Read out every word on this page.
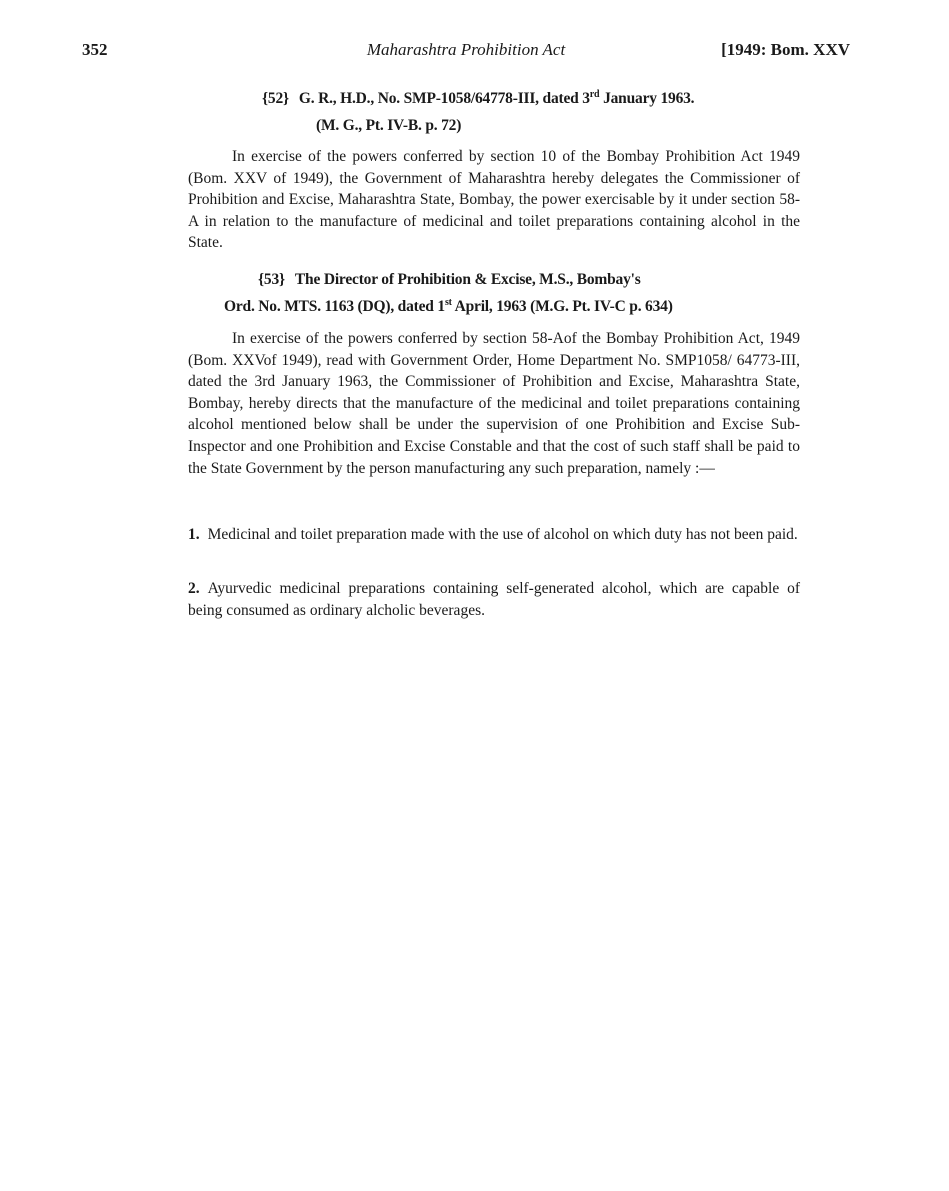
352	Maharashtra Prohibition Act	[1949: Bom. XXV

{52} G. R., H.D., No. SMP-1058/64778-III, dated 3rd January 1963.

(M. G., Pt. IV-B. p. 72)

In exercise of the powers conferred by section 10 of the Bombay Prohibition Act 1949 (Bom. XXV of 1949), the Government of Maharashtra hereby delegates the Commissioner of Prohibition and Excise, Maharashtra State, Bombay, the power exercisable by it under section 58-A in relation to the manufacture of medicinal and toilet preparations containing alcohol in the State.

{53} The Director of Prohibition & Excise, M.S., Bombay's

Ord. No. MTS. 1163 (DQ), dated 1st April, 1963 (M.G. Pt. IV-C p. 634)

In exercise of the powers conferred by section 58-Aof the Bombay Prohibition Act, 1949 (Bom. XXVof 1949), read with Government Order, Home Department No. SMP1058/ 64773-III, dated the 3rd January 1963, the Commissioner of Prohibition and Excise, Maharashtra State, Bombay, hereby directs that the manufacture of the medicinal and toilet preparations containing alcohol mentioned below shall be under the supervision of one Prohibition and Excise Sub-Inspector and one Prohibition and Excise Constable and that the cost of such staff shall be paid to the State Government by the person manufacturing any such preparation, namely :—

1. Medicinal and toilet preparation made with the use of alcohol on which duty has not been paid.

2. Ayurvedic medicinal preparations containing self-generated alcohol, which are capable of being consumed as ordinary alcholic beverages.
